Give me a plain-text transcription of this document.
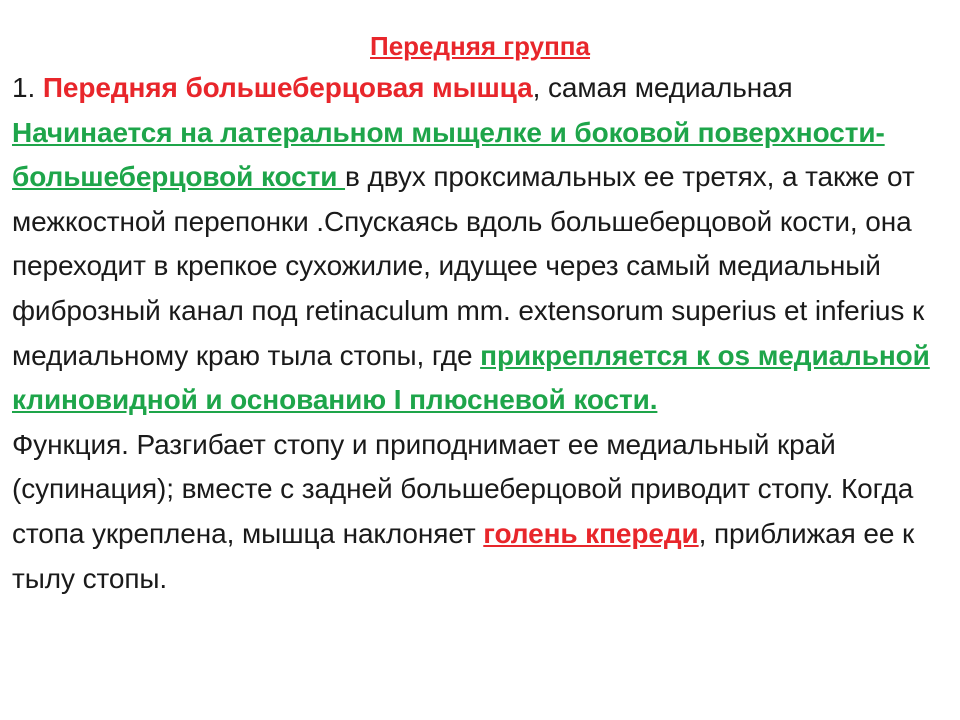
Передняя группа

1. Передняя большеберцовая мышца, самая медиальная
Начинается на латеральном мыщелке и боковой поверхности- большеберцовой кости в двух проксимальных ее третях, а также от межкостной перепонки .Спускаясь вдоль большеберцовой кости, она переходит в крепкое сухожилие, идущее через самый медиальный фиброзный канал под retinaculum mm. extensorum superius et inferius к медиальному краю тыла стопы, где прикрепляется к os медиальной клиновидной и основанию I плюсневой кости.
Функция. Разгибает стопу и приподнимает ее медиальный край (супинация); вместе с задней большеберцовой приводит стопу. Когда стопа укреплена, мышца наклоняет голень кпереди, приближая ее к тылу стопы.
